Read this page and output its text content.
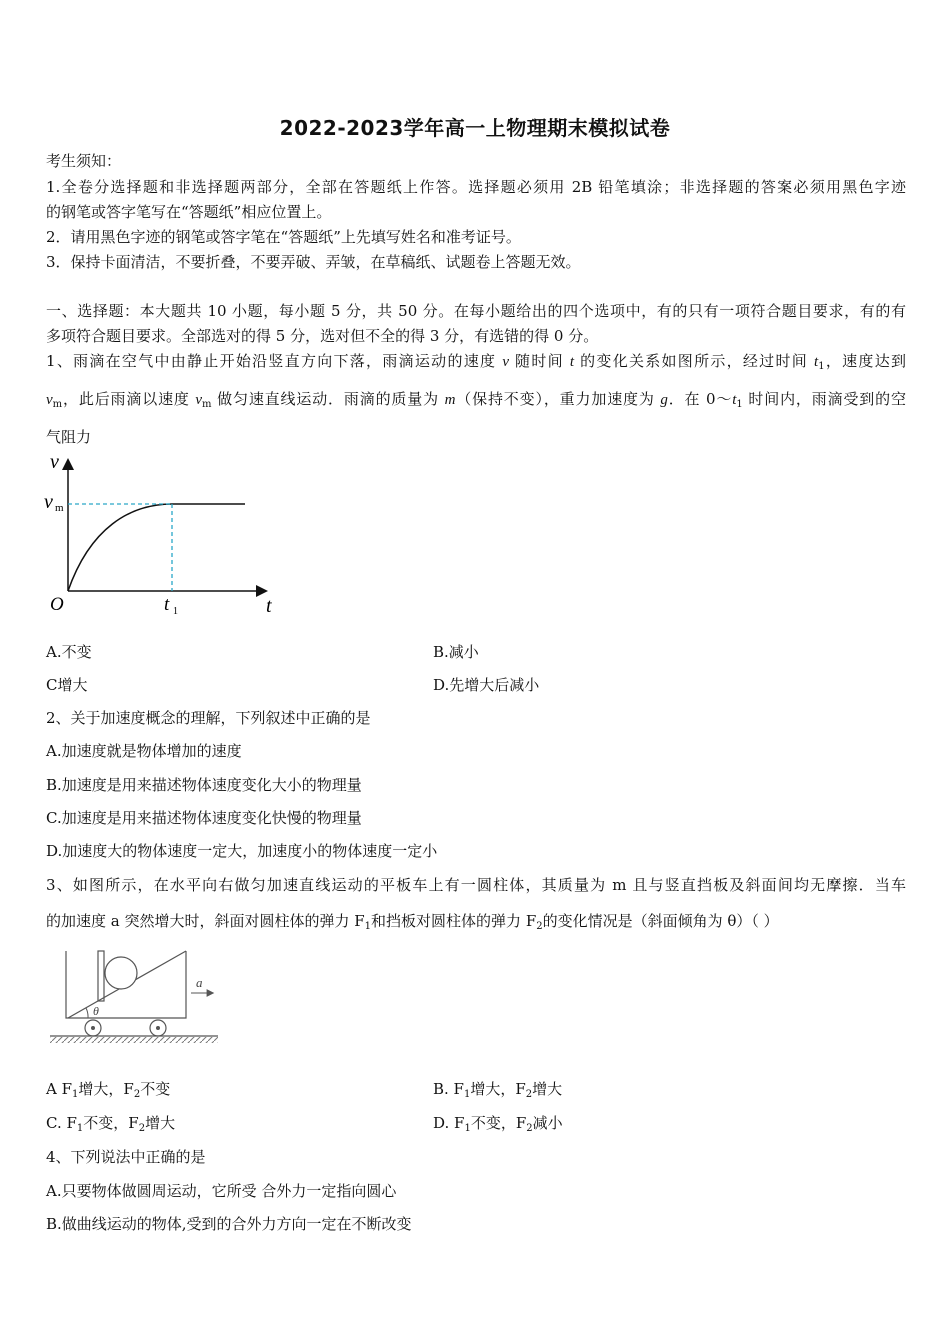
2022-2023学年高一上物理期末模拟试卷
考生须知：
1.全卷分选择题和非选择题两部分，全部在答题纸上作答。选择题必须用 2B 铅笔填涂；非选择题的答案必须用黑色字迹
的钢笔或答字笔写在“答题纸”相应位置上。
2．请用黑色字迹的钢笔或答字笔在“答题纸”上先填写姓名和准考证号。
3．保持卡面清洁，不要折叠，不要弄破、弄皱，在草稿纸、试题卷上答题无效。
一、选择题：本大题共 10 小题，每小题 5 分，共 50 分。在每小题给出的四个选项中，有的只有一项符合题目要求，有的有
多项符合题目要求。全部选对的得 5 分，选对但不全的得 3 分，有选错的得 0 分。
1、雨滴在空气中由静止开始沿竖直方向下落，雨滴运动的速度 v 随时间 t 的变化关系如图所示，经过时间 $t_1$，速度达到
$v_m$，此后雨滴以速度 $v_m$ 做匀速直线运动．雨滴的质量为 m（保持不变），重力加速度为 g．在 $0\sim t_1$ 时间内，雨滴受到的空
气阻力
v
t
O
v m
t 1
A.不变	B.减小
C增大	D.先增大后减小
2、关于加速度概念的理解，下列叙述中正确的是
A.加速度就是物体增加的速度
B.加速度是用来描述物体速度变化大小的物理量
C.加速度是用来描述物体速度变化快慢的物理量
D.加速度大的物体速度一定大，加速度小的物体速度一定小
3、如图所示，在水平向右做匀加速直线运动的平板车上有一圆柱体，其质量为 m 且与竖直挡板及斜面间均无摩擦．当车
的加速度 a 突然增大时，斜面对圆柱体的弹力 $F_1$和挡板对圆柱体的弹力 $F_2$的变化情况是（斜面倾角为 θ）（ ）
θ
a
A $F_1$增大，$F_2$不变	B. $F_1$增大，$F_2$增大
C. $F_1$不变，$F_2$增大	D. $F_1$不变，$F_2$减小
4、下列说法中正确的是
A.只要物体做圆周运动，它所受 合外力一定指向圆心
B.做曲线运动的物体,受到的合外力方向一定在不断改变
